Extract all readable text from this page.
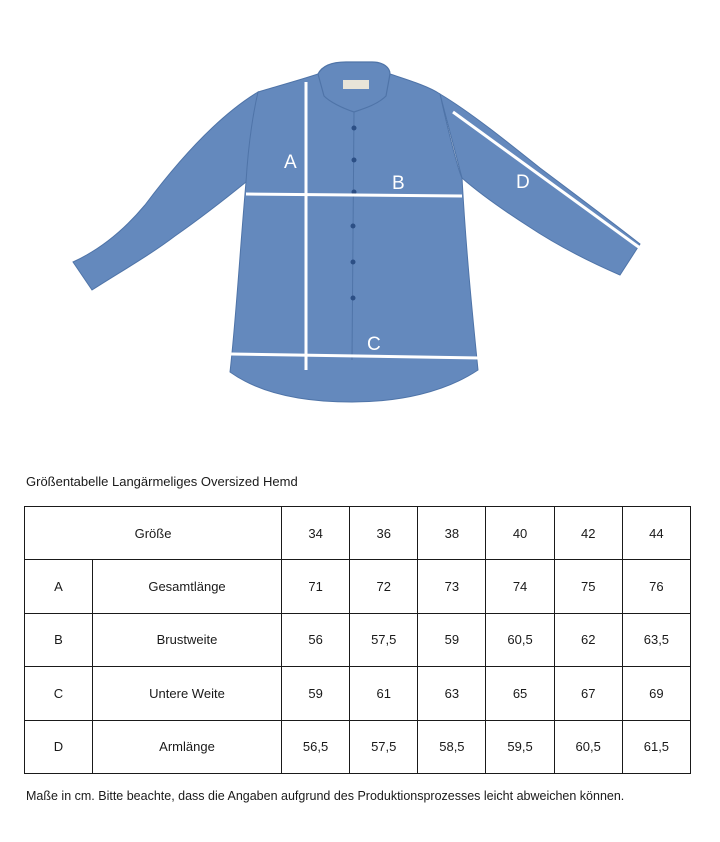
A
B
C
D
Größentabelle Langärmeliges Oversized Hemd
Größe		34	36	38	40	42	44
A	Gesamtlänge	71	72	73	74	75	76
B	Brustweite	56	57,5	59	60,5	62	63,5
C	Untere Weite	59	61	63	65	67	69
D	Armlänge	56,5	57,5	58,5	59,5	60,5	61,5
Maße in cm. Bitte beachte, dass die Angaben aufgrund des Produktionsprozesses leicht abweichen können.
